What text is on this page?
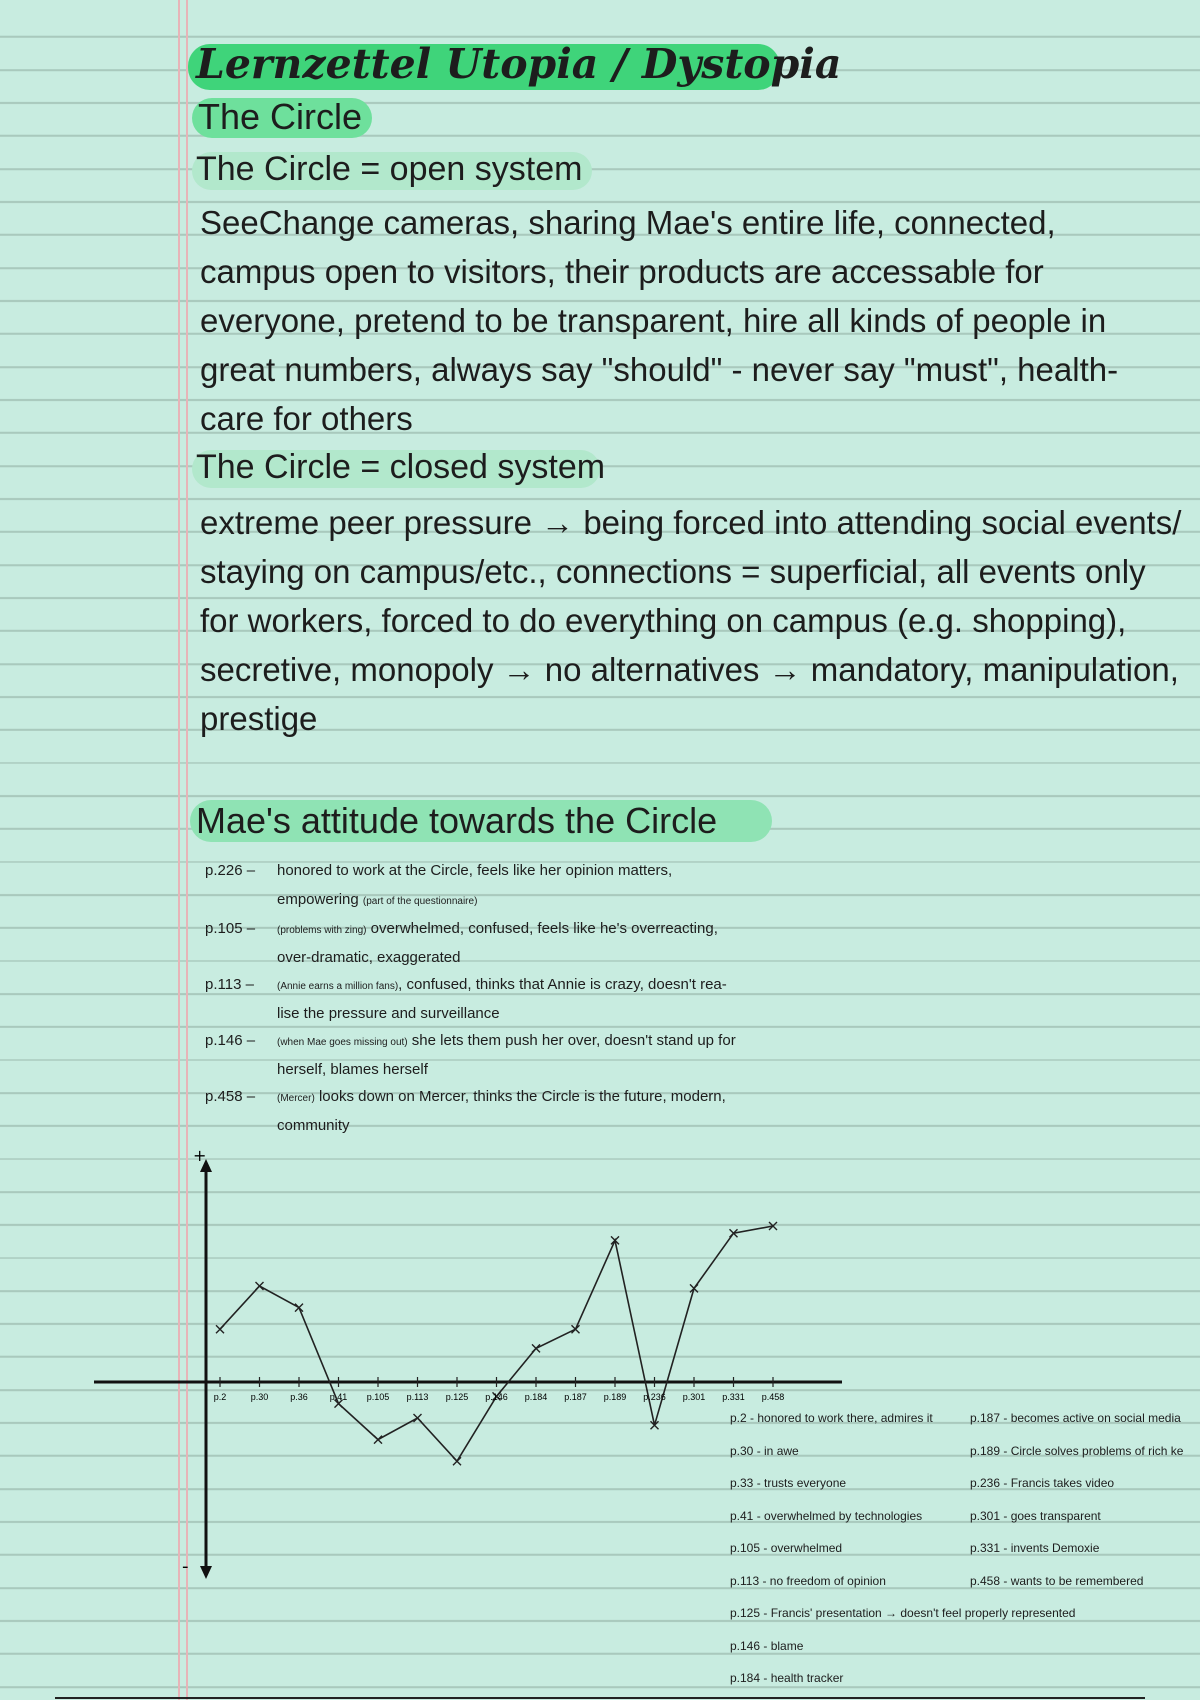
Lernzettel Utopia / Dystopia
The Circle
The Circle = open system
SeeChange cameras, sharing Mae's entire life, connected,
campus open to visitors, their products are accessable for
everyone, pretend to be transparent, hire all kinds of people in
great numbers, always say "should" - never say "must", health-
care for others
The Circle = closed system
extreme peer pressure → being forced into attending social events/
staying on campus/etc., connections = superficial, all events only
for workers, forced to do everything on campus (e.g. shopping),
secretive, monopoly → no alternatives → mandatory, manipulation,
prestige
Mae's attitude towards the Circle
p.226 –	honored to work at the Circle, feels like her opinion matters,
empowering (part of the questionnaire)
p.105 –	(problems with zing) overwhelmed, confused, feels like he's overreacting,
over-dramatic, exaggerated
p.113 –	(Annie earns a million fans), confused, thinks that Annie is crazy, doesn't rea-
lise the pressure and surveillance
p.146 –	(when Mae goes missing out) she lets them push her over, doesn't stand up for
herself, blames herself
p.458 –	(Mercer) looks down on Mercer, thinks the Circle is the future, modern,
community
+
-
p.2	p.30 p.36 p.41 p.105 p.113 p.125 p.146 p.184 p.187 p.189 p.236 p.301 p.331 p.458
p.2 - honored to work there, admires it
p.30 - in awe
p.33 - trusts everyone
p.41 - overwhelmed by technologies
p.105 - overwhelmed
p.113 - no freedom of opinion
p.125 - Francis' presentation → doesn't feel properly represented
p.146 - blame
p.184 - health tracker
p.187 - becomes active on social media
p.189 - Circle solves problems of rich ke
p.236 - Francis takes video
p.301 - goes transparent
p.331 - invents Demoxie
p.458 - wants to be remembered
